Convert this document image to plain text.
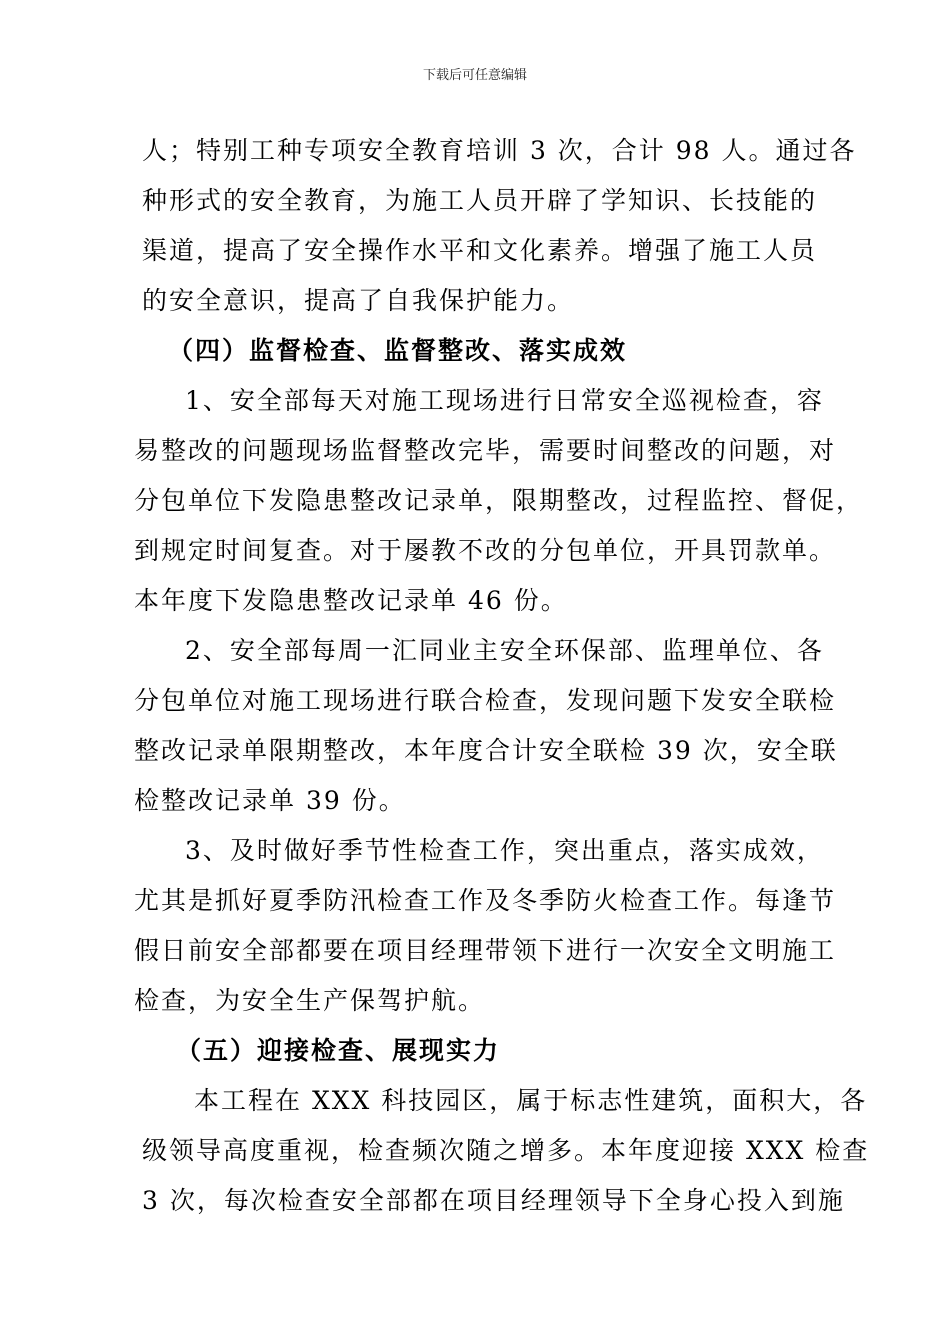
下载后可任意编辑
人；特别工种专项安全教育培训 3 次，合计 98 人。通过各
种形式的安全教育，为施工人员开辟了学知识、长技能的
渠道，提高了安全操作水平和文化素养。增强了施工人员
的安全意识，提高了自我保护能力。
（四）监督检查、监督整改、落实成效
1、安全部每天对施工现场进行日常安全巡视检查，容
易整改的问题现场监督整改完毕，需要时间整改的问题，对
分包单位下发隐患整改记录单，限期整改，过程监控、督促，
到规定时间复查。对于屡教不改的分包单位，开具罚款单。
本年度下发隐患整改记录单 46 份。
2、安全部每周一汇同业主安全环保部、监理单位、各
分包单位对施工现场进行联合检查，发现问题下发安全联检
整改记录单限期整改，本年度合计安全联检 39 次，安全联
检整改记录单 39 份。
3、及时做好季节性检查工作，突出重点，落实成效，
尤其是抓好夏季防汛检查工作及冬季防火检查工作。每逢节
假日前安全部都要在项目经理带领下进行一次安全文明施工
检查，为安全生产保驾护航。
（五）迎接检查、展现实力
本工程在 XXX 科技园区，属于标志性建筑，面积大，各
级领导高度重视，检查频次随之增多。本年度迎接 XXX 检查
3 次，每次检查安全部都在项目经理领导下全身心投入到施
